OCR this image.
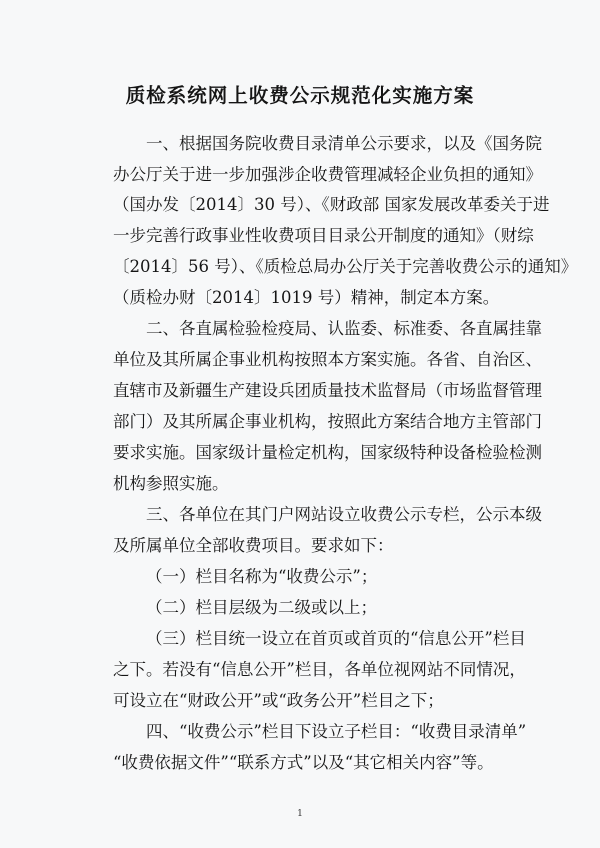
质检系统网上收费公示规范化实施方案
一、根据国务院收费目录清单公示要求，以及《国务院
办公厅关于进一步加强涉企收费管理减轻企业负担的通知》
（国办发〔2014〕30 号）、《财政部 国家发展改革委关于进
一步完善行政事业性收费项目目录公开制度的通知》（财综
〔2014〕56 号）、《质检总局办公厅关于完善收费公示的通知》
（质检办财〔2014〕1019 号）精神，制定本方案。
二、各直属检验检疫局、认监委、标准委、各直属挂靠
单位及其所属企事业机构按照本方案实施。各省、自治区、
直辖市及新疆生产建设兵团质量技术监督局（市场监督管理
部门）及其所属企事业机构，按照此方案结合地方主管部门
要求实施。国家级计量检定机构，国家级特种设备检验检测
机构参照实施。
三、各单位在其门户网站设立收费公示专栏，公示本级
及所属单位全部收费项目。要求如下：
（一）栏目名称为“收费公示”；
（二）栏目层级为二级或以上；
（三）栏目统一设立在首页或首页的“信息公开”栏目
之下。若没有“信息公开”栏目，各单位视网站不同情况，
可设立在“财政公开”或“政务公开”栏目之下；
四、“收费公示”栏目下设立子栏目：“收费目录清单”
“收费依据文件”“联系方式”以及“其它相关内容”等。
1
